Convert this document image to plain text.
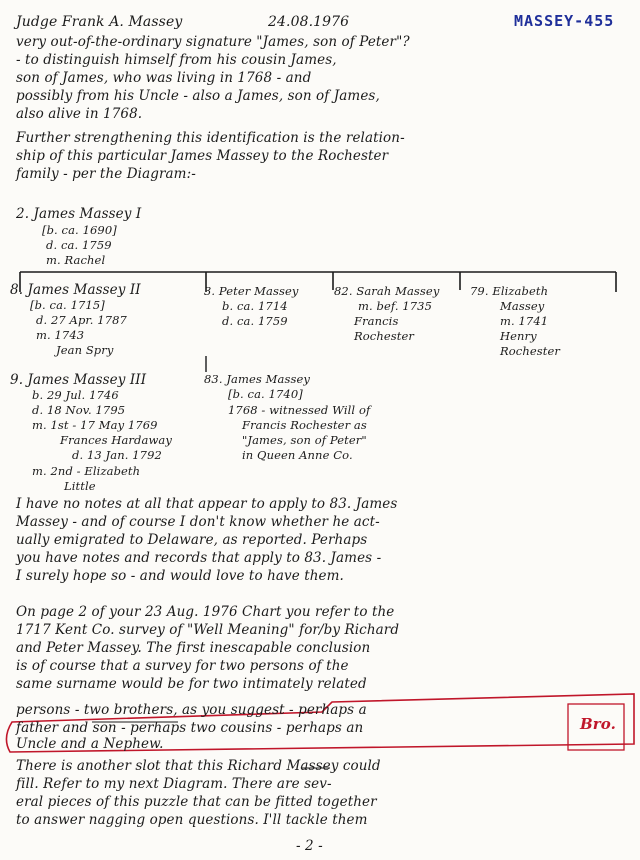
Judge Frank A. Massey	24.08.1976	MASSEY-455
very out-of-the-ordinary signature "James, son of Peter"?
- to distinguish himself from his cousin James,
son of James, who was living in 1768 - and
possibly from his Uncle - also a James, son of James,
also alive in 1768.
Further strengthening this identification is the relation-
ship of this particular James Massey to the Rochester
family - per the Diagram:-
2. James Massey I
[b. ca. 1690]
d. ca. 1759
m. Rachel
8. James Massey II
[b. ca. 1715]
d. 27 Apr. 1787
m. 1743
Jean Spry
3. Peter Massey
b. ca. 1714
d. ca. 1759
82. Sarah Massey
m. bef. 1735
Francis
Rochester
79. Elizabeth
Massey
m. 1741
Henry
Rochester
9. James Massey III
b. 29 Jul. 1746
d. 18 Nov. 1795
m. 1st - 17 May 1769
Frances Hardaway
d. 13 Jan. 1792
m. 2nd - Elizabeth
Little
83. James Massey
[b. ca. 1740]
1768 - witnessed Will of
Francis Rochester as
"James, son of Peter"
in Queen Anne Co.
I have no notes at all that appear to apply to 83. James
Massey - and of course I don't know whether he act-
ually emigrated to Delaware, as reported. Perhaps
you have notes and records that apply to 83. James -
I surely hope so - and would love to have them.
On page 2 of your 23 Aug. 1976 Chart you refer to the
1717 Kent Co. survey of "Well Meaning" for/by Richard
and Peter Massey. The first inescapable conclusion
is of course that a survey for two persons of the
same surname would be for two intimately related
persons - two brothers, as you suggest - perhaps a
father and son - perhaps two cousins - perhaps an
Uncle and a Nephew.
There is another slot that this Richard Massey could
fill. Refer to my next Diagram. There are sev-
eral pieces of this puzzle that can be fitted together
to answer nagging open questions. I'll tackle them
Bro.
- 2 -
